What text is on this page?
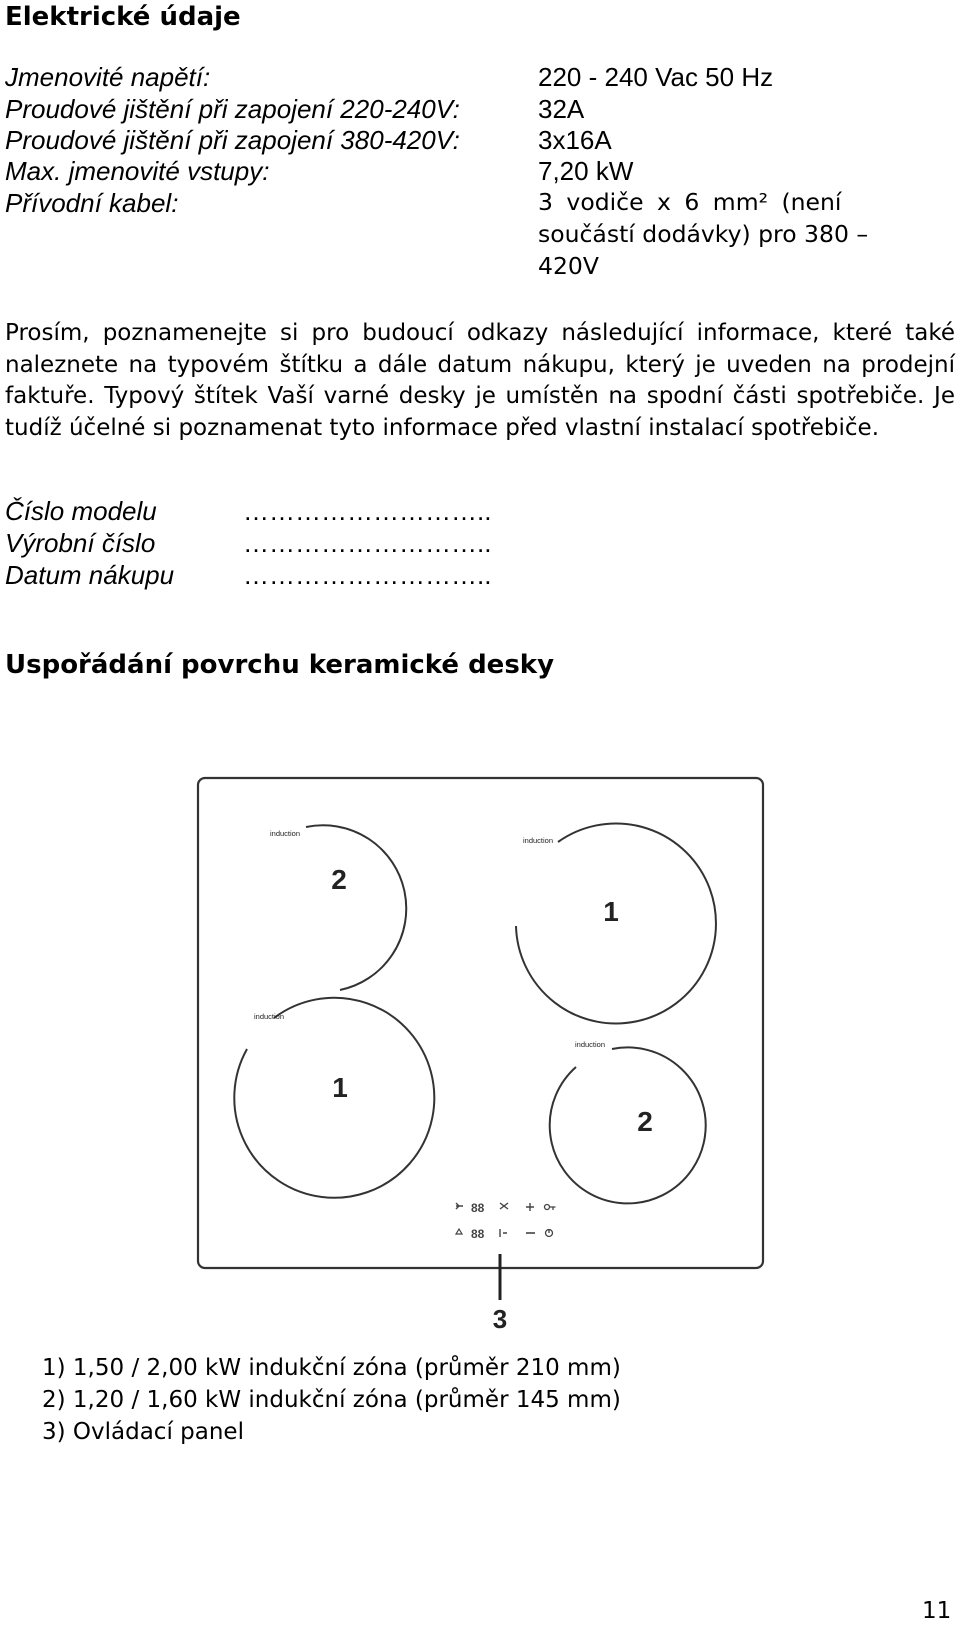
Elektrické údaje
Jmenovité napětí:	220 - 240 Vac 50 Hz
Proudové jištění při zapojení 220-240V:	32A
Proudové jištění při zapojení 380-420V:	3x16A
Max. jmenovité vstupy:	7,20 kW
Přívodní kabel:	3 vodiče x 6 mm² (není
součástí dodávky) pro 380 –
420V

Prosím, poznamenejte si pro budoucí odkazy následující informace, které také naleznete na typovém štítku a dále datum nákupu, který je uveden na prodejní faktuře. Typový štítek Vaší varné desky je umístěn na spodní části spotřebiče. Je tudíž účelné si poznamenat tyto informace před vlastní instalací spotřebiče.

Číslo modelu	………………………..
Výrobní číslo	………………………..
Datum nákupu	………………………..
Uspořádání povrchu keramické desky
induction
2
induction
1
induction
1
induction
2
88
88
3
1) 1,50 / 2,00 kW indukční zóna (průměr 210 mm)
2) 1,20 / 1,60 kW indukční zóna (průměr 145 mm)
3) Ovládací panel
11
